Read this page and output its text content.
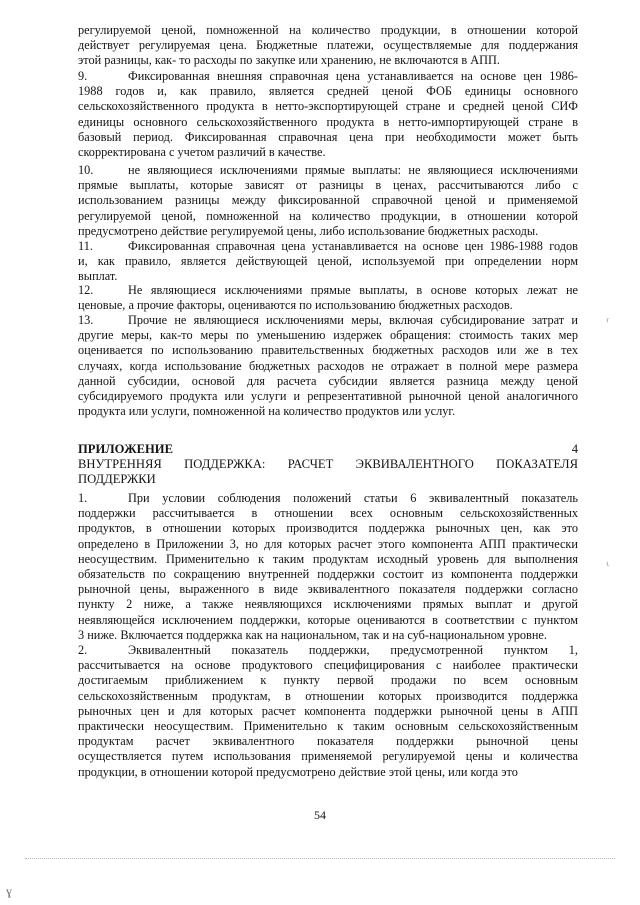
регулируемой ценой, помноженной на количество продукции, в отношении которой
действует регулируемая цена. Бюджетные платежи, осуществляемые для поддержания
этой разницы, как- то расходы по закупке или хранению, не включаются в АПП.

9.	Фиксированная внешняя справочная цена устанавливается на основе цен 1986-
1988 годов и, как правило, является средней ценой ФОБ единицы основного
сельскохозяйственного продукта в нетто-экспортирующей стране и средней ценой СИФ
единицы основного сельскохозяйственного продукта в нетто-импортирующей стране в
базовый период. Фиксированная справочная цена при необходимости может быть
скорректирована с учетом различий в качестве.

10.	не являющиеся исключениями прямые выплаты: не являющиеся исключениями
прямые выплаты, которые зависят от разницы в ценах, рассчитываются либо с
использованием разницы между фиксированной справочной ценой и применяемой
регулируемой ценой, помноженной на количество продукции, в отношении которой
предусмотрено действие регулируемой цены, либо использование бюджетных расходы.

11.	Фиксированная справочная цена устанавливается на основе цен 1986-1988 годов
и, как правило, является действующей ценой, используемой при определении норм
выплат.

12.	Не являющиеся исключениями прямые выплаты, в основе которых лежат не
ценовые, а прочие факторы, оцениваются по использованию бюджетных расходов.

13.	Прочие не являющиеся исключениями меры, включая субсидирование затрат и
другие меры, как-то меры по уменьшению издержек обращения: стоимость таких мер
оценивается по использованию правительственных бюджетных расходов или же в тех
случаях, когда использование бюджетных расходов не отражает в полной мере размера
данной субсидии, основой для расчета субсидии является разница между ценой
субсидируемого продукта или услуги и репрезентативной рыночной ценой аналогичного
продукта или услуги, помноженной на количество продуктов или услуг.

ПРИЛОЖЕНИЕ	4
ВНУТРЕННЯЯ ПОДДЕРЖКА: РАСЧЕТ ЭКВИВАЛЕНТНОГО ПОКАЗАТЕЛЯ
ПОДДЕРЖКИ

1.	При условии соблюдения положений статьи 6 эквивалентный показатель
поддержки рассчитывается в отношении всех основным сельскохозяйственных
продуктов, в отношении которых производится поддержка рыночных цен, как это
определено в Приложении 3, но для которых расчет этого компонента АПП практически
неосуществим. Применительно к таким продуктам исходный уровень для выполнения
обязательств по сокращению внутренней поддержки состоит из компонента поддержки
рыночной цены, выраженного в виде эквивалентного показателя поддержки согласно
пункту 2 ниже, а также неявляющихся исключениями прямых выплат и другой
неявляющейся исключением поддержки, которые оцениваются в соответствии с пунктом
3 ниже. Включается поддержка как на национальном, так и на суб-национальном уровне.

2.	Эквивалентный показатель поддержки, предусмотренной пунктом 1,
рассчитывается на основе продуктового специфицирования с наиболее практически
достигаемым приближением к пункту первой продажи по всем основным
сельскохозяйственным продуктам, в отношении которых производится поддержка
рыночных цен и для которых расчет компонента поддержки рыночной цены в АПП
практически неосуществим. Применительно к таким основным сельскохозяйственным
продуктам расчет эквивалентного показателя поддержки рыночной цены
осуществляется путем использования применяемой регулируемой цены и количества
продукции, в отношении которой предусмотрено действие этой цены, или когда это

54
⸢
⸤
ɣ
